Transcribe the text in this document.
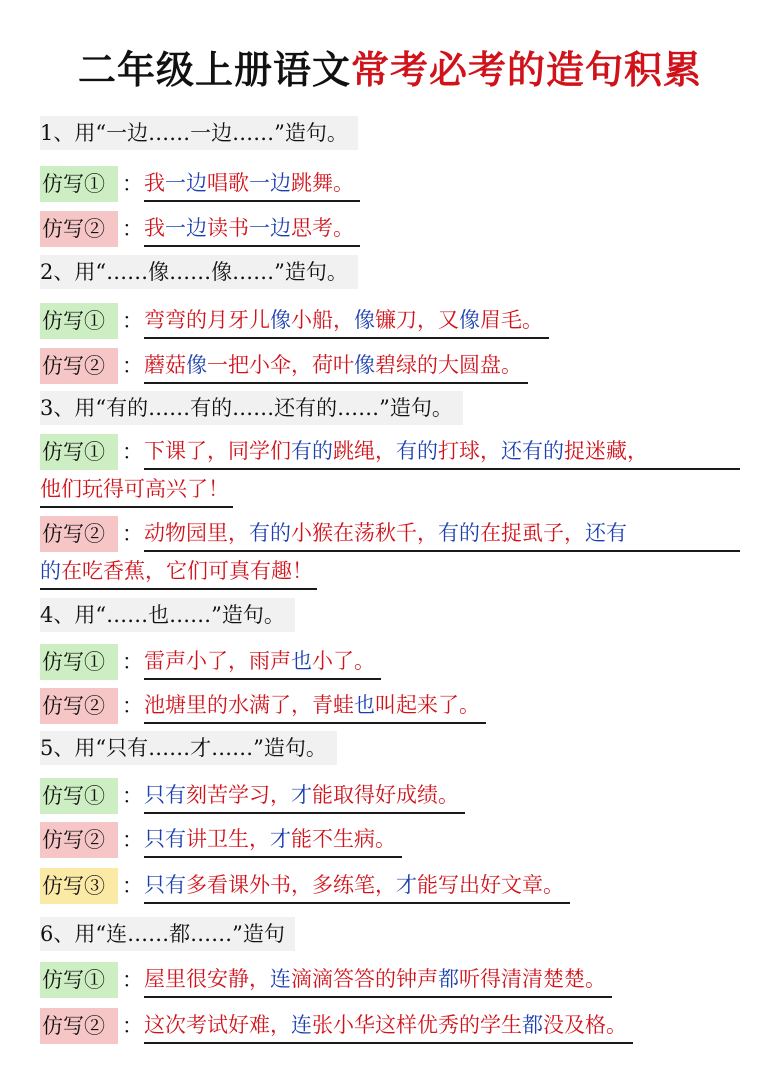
二年级上册语文常考必考的造句积累
1、用“一边……一边……”造句。
仿写① ： 我一边唱歌一边跳舞。
仿写② ： 我一边读书一边思考。
2、用“……像……像……”造句。
仿写① ： 弯弯的月牙儿像小船，像镰刀，又像眉毛。
仿写② ： 蘑菇像一把小伞，荷叶像碧绿的大圆盘。
3、用“有的……有的……还有的……”造句。
仿写① ： 下课了，同学们有的跳绳，有的打球，还有的捉迷藏，
他们玩得可高兴了！
仿写② ： 动物园里，有的小猴在荡秋千，有的在捉虱子，还有
的在吃香蕉，它们可真有趣！
4、用“……也……”造句。
仿写① ： 雷声小了，雨声也小了。
仿写② ： 池塘里的水满了，青蛙也叫起来了。
5、用“只有……才……”造句。
仿写① ： 只有刻苦学习，才能取得好成绩。
仿写② ： 只有讲卫生，才能不生病。
仿写③ ： 只有多看课外书，多练笔，才能写出好文章。
6、用“连……都……”造句
仿写① ： 屋里很安静，连滴滴答答的钟声都听得清清楚楚。
仿写② ： 这次考试好难，连张小华这样优秀的学生都没及格。
